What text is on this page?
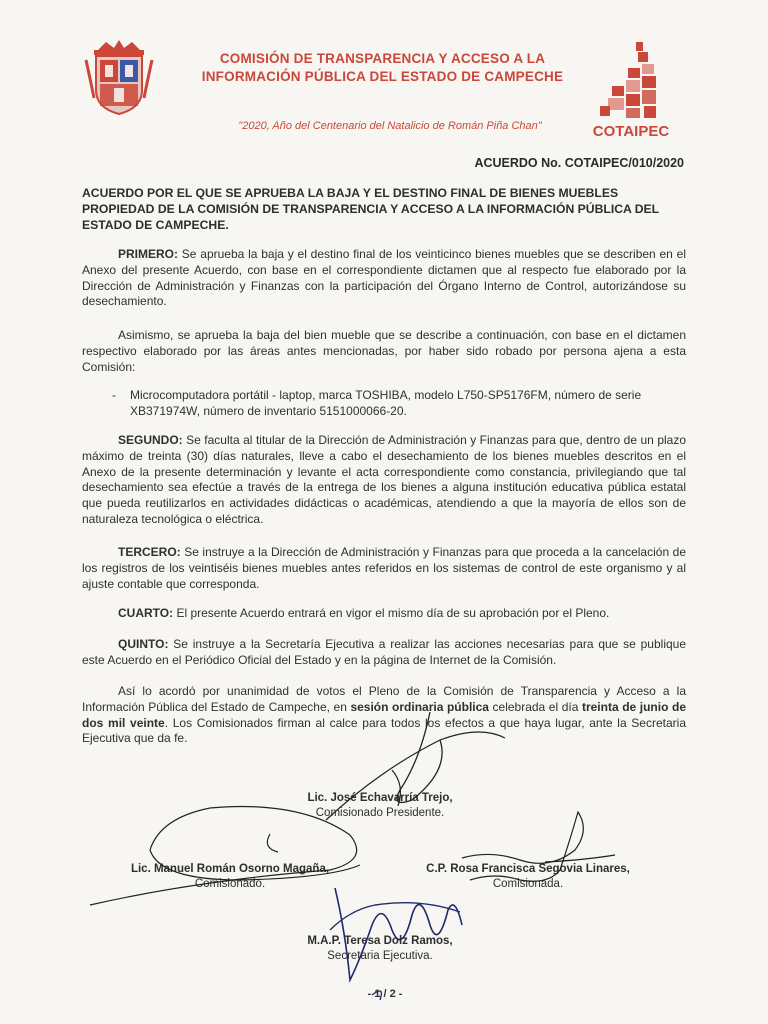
COMISIÓN DE TRANSPARENCIA Y ACCESO A LA
INFORMACIÓN PÚBLICA DEL ESTADO DE CAMPECHE
"2020, Año del Centenario del Natalicio de Román Piña Chan"	COTAIPEC
ACUERDO No. COTAIPEC/010/2020
ACUERDO POR EL QUE SE APRUEBA LA BAJA Y EL DESTINO FINAL DE BIENES MUEBLES PROPIEDAD DE LA COMISIÓN DE TRANSPARENCIA Y ACCESO A LA INFORMACIÓN PÚBLICA DEL ESTADO DE CAMPECHE.
PRIMERO: Se aprueba la baja y el destino final de los veinticinco bienes muebles que se describen en el Anexo del presente Acuerdo, con base en el correspondiente dictamen que al respecto fue elaborado por la Dirección de Administración y Finanzas con la participación del Órgano Interno de Control, autorizándose su desechamiento.
Asimismo, se aprueba la baja del bien mueble que se describe a continuación, con base en el dictamen respectivo elaborado por las áreas antes mencionadas, por haber sido robado por persona ajena a esta Comisión:
- Microcomputadora portátil - laptop, marca TOSHIBA, modelo L750-SP5176FM, número de serie XB371974W, número de inventario 5151000066-20.
SEGUNDO: Se faculta al titular de la Dirección de Administración y Finanzas para que, dentro de un plazo máximo de treinta (30) días naturales, lleve a cabo el desechamiento de los bienes muebles descritos en el Anexo de la presente determinación y levante el acta correspondiente como constancia, privilegiando que tal desechamiento sea efectúe a través de la entrega de los bienes a alguna institución educativa pública estatal que pueda reutilizarlos en actividades didácticas o académicas, atendiendo a que la mayoría de ellos son de naturaleza tecnológica o eléctrica.
TERCERO: Se instruye a la Dirección de Administración y Finanzas para que proceda a la cancelación de los registros de los veintiséis bienes muebles antes referidos en los sistemas de control de este organismo y al ajuste contable que corresponda.
CUARTO: El presente Acuerdo entrará en vigor el mismo día de su aprobación por el Pleno.
QUINTO: Se instruye a la Secretaría Ejecutiva a realizar las acciones necesarias para que se publique este Acuerdo en el Periódico Oficial del Estado y en la página de Internet de la Comisión.
Así lo acordó por unanimidad de votos el Pleno de la Comisión de Transparencia y Acceso a la Información Pública del Estado de Campeche, en sesión ordinaria pública celebrada el día treinta de junio de dos mil veinte. Los Comisionados firman al calce para todos los efectos a que haya lugar, ante la Secretaria Ejecutiva que da fe.
Lic. José Echavarría Trejo,
Comisionado Presidente.
Lic. Manuel Román Osorno Magaña,
Comisionado.
C.P. Rosa Francisca Segovia Linares,
Comisionada.
M.A.P. Teresa Dolz Ramos,
Secretaria Ejecutiva.
- 1 / 2 -
